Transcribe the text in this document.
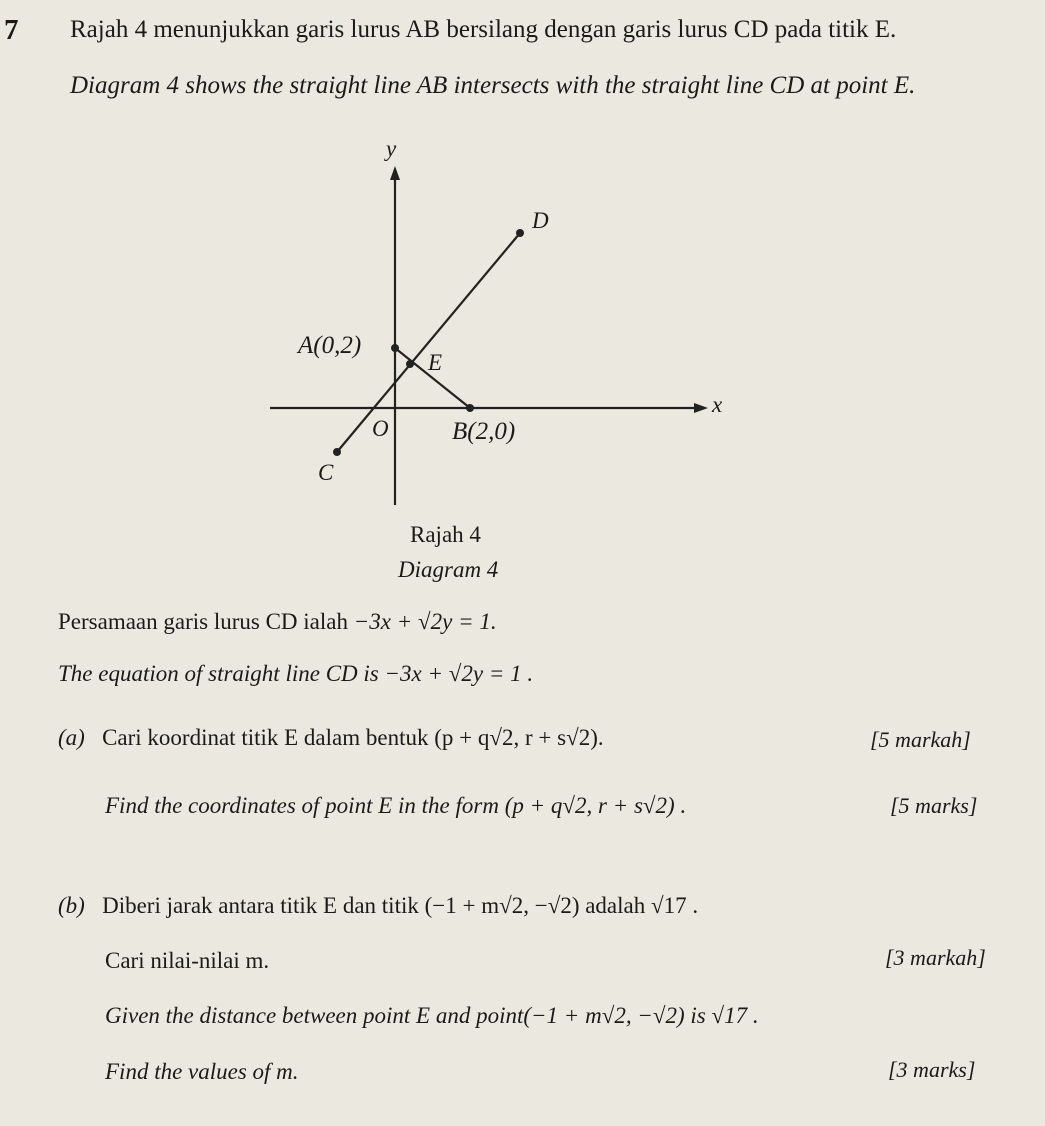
7 Rajah 4 menunjukkan garis lurus AB bersilang dengan garis lurus CD pada titik E.
Diagram 4 shows the straight line AB intersects with the straight line CD at point E.
y
x
O
D
A(0,2)
E
B(2,0)
C
Rajah 4
Diagram 4
Persamaan garis lurus CD ialah −3x + √2y = 1.
The equation of straight line CD is −3x + √2y = 1 .
(a) Cari koordinat titik E dalam bentuk (p + q√2, r + s√2).	[5 markah]
Find the coordinates of point E in the form (p + q√2, r + s√2) .	[5 marks]
(b) Diberi jarak antara titik E dan titik (−1 + m√2, −√2) adalah √17 .
Cari nilai-nilai m.	[3 markah]
Given the distance between point E and point(−1 + m√2, −√2) is √17 .
Find the values of m.	[3 marks]
